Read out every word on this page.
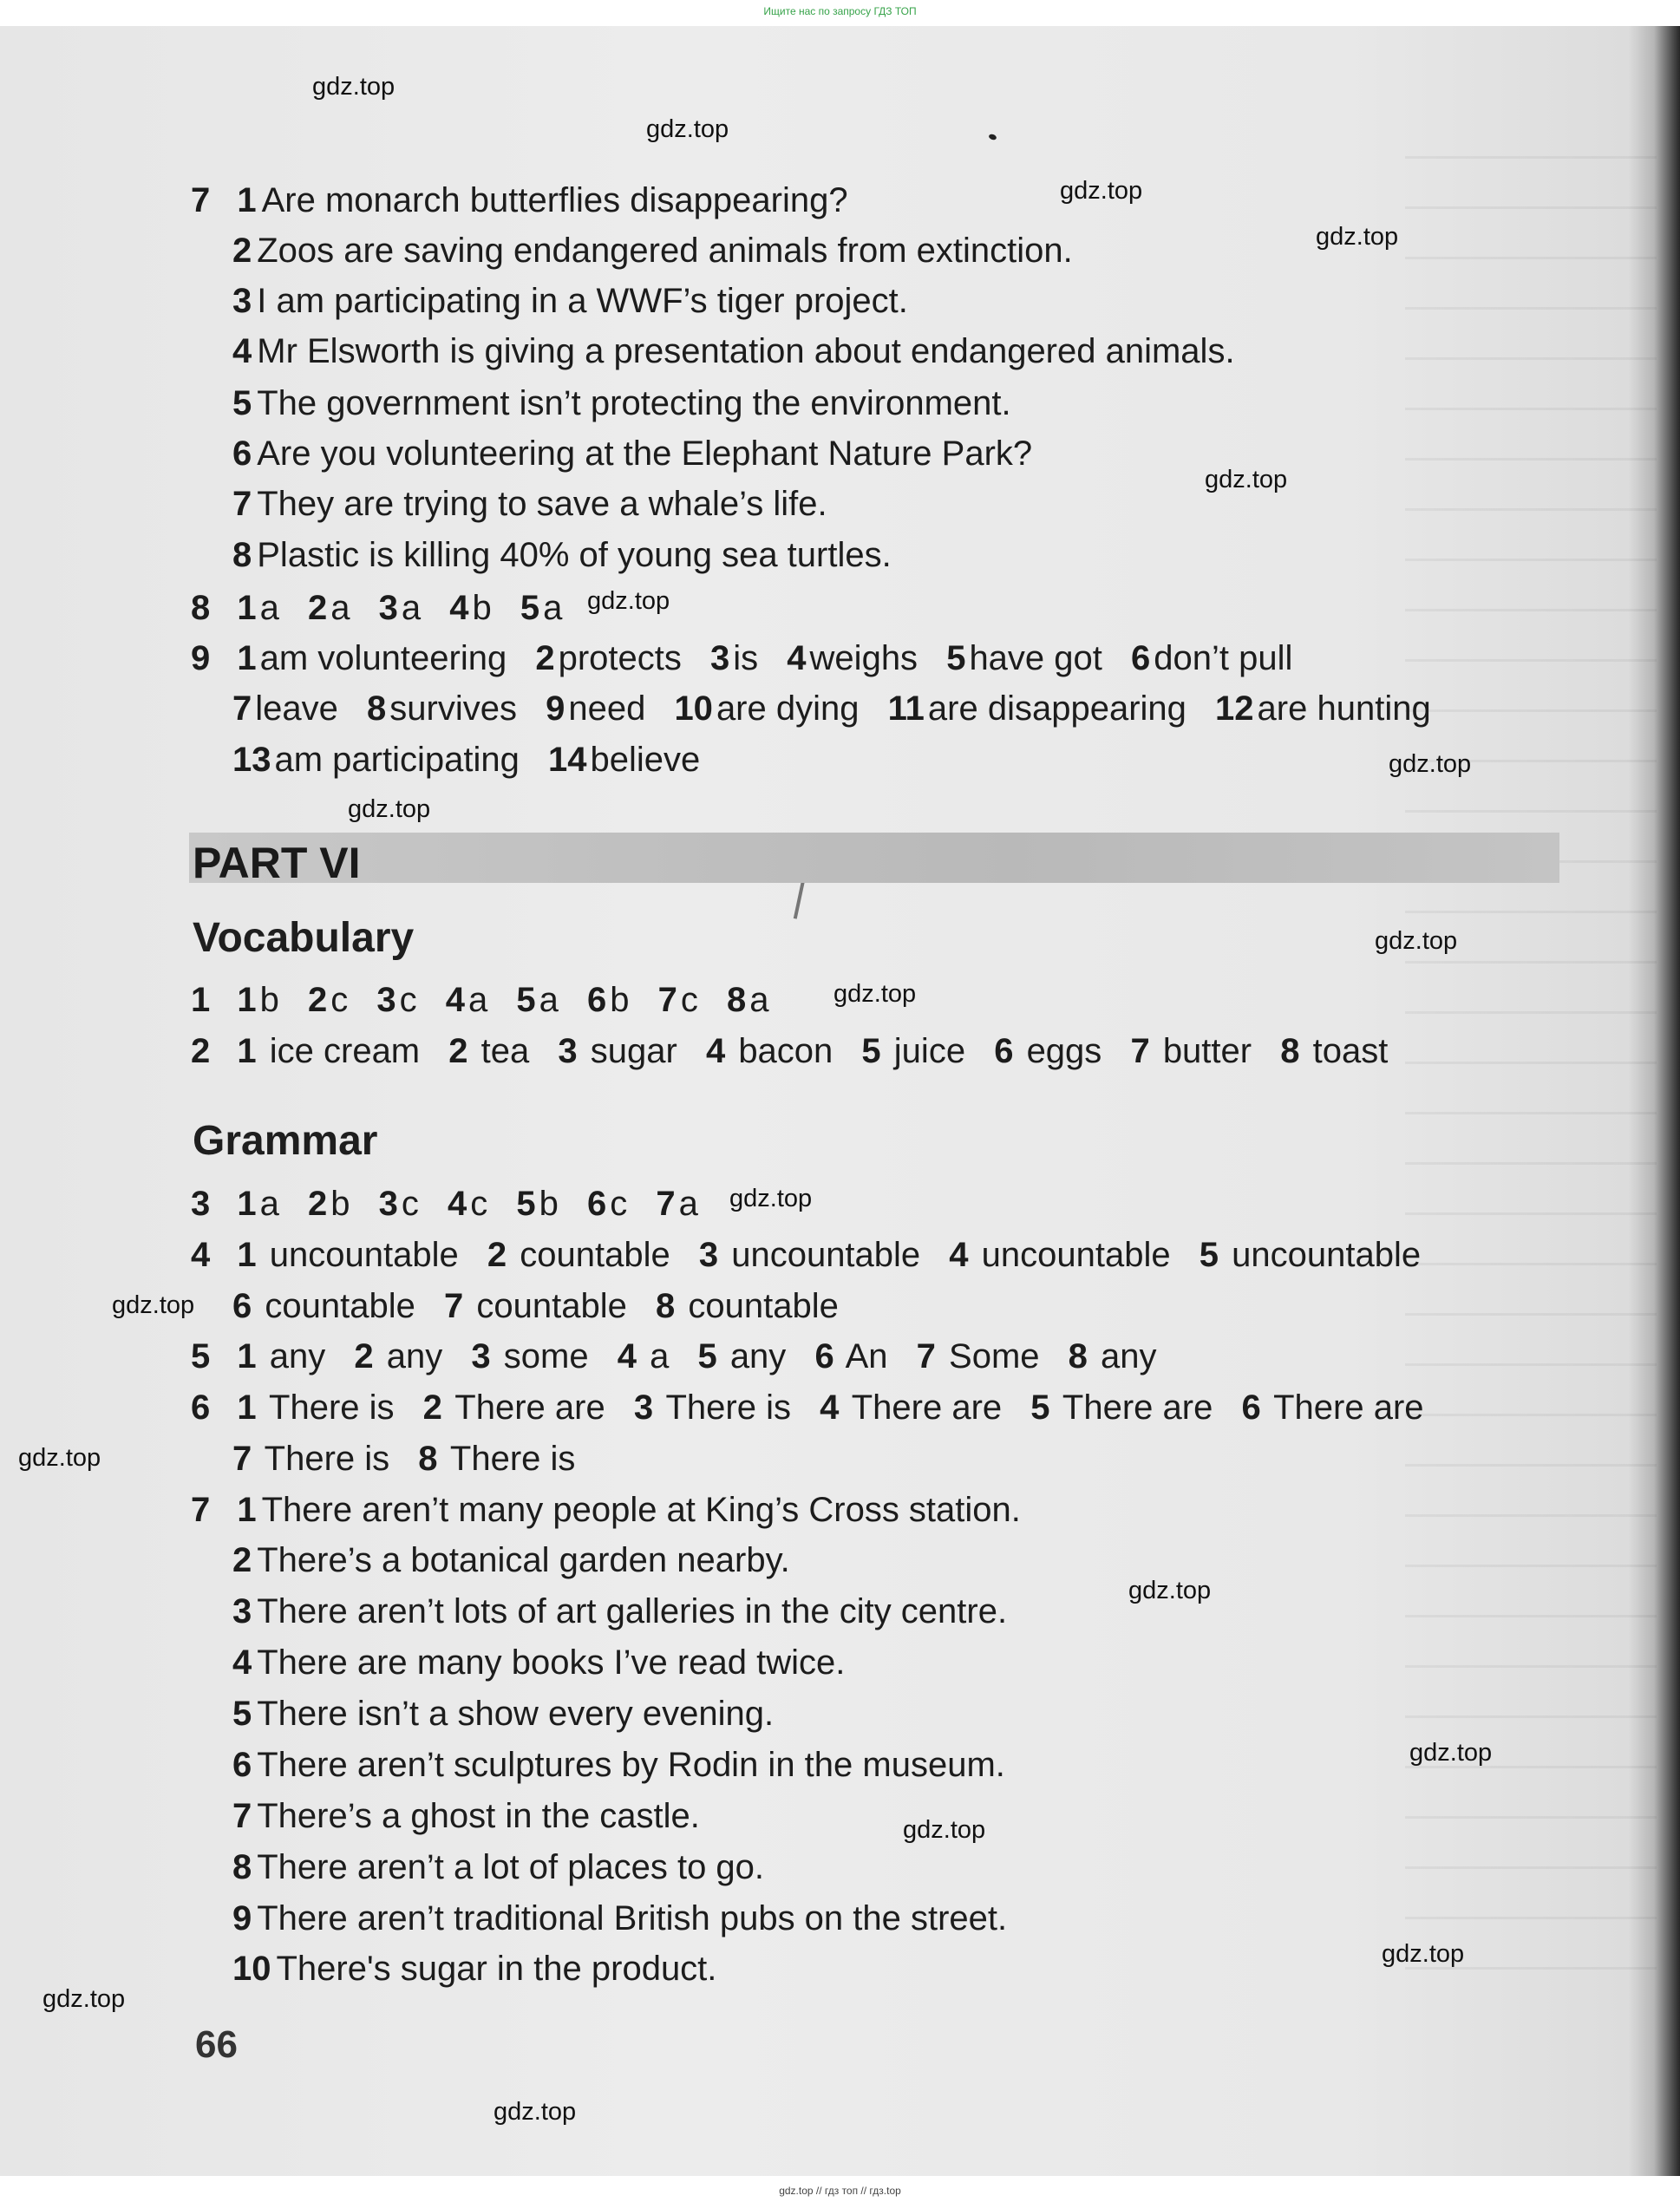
Ищите нас по запросу ГДЗ ТОП
gdz.top // гдз топ // гдз.top
7 1 Are monarch butterflies disappearing?
2 Zoos are saving endangered animals from extinction.
3 I am participating in a WWF’s tiger project.
4 Mr Elsworth is giving a presentation about endangered animals.
5 The government isn’t protecting the environment.
6 Are you volunteering at the Elephant Nature Park?
7 They are trying to save a whale’s life.
8 Plastic is killing 40% of young sea turtles.
8 1 a 2 a 3 a 4 b 5 a
9 1 am volunteering 2 protects 3 is 4 weighs 5 have got 6 don’t pull
7 leave 8 survives 9 need 10 are dying 11 are disappearing 12 are hunting
13 am participating 14 believe
PART VI
Vocabulary
1 1 b 2 c 3 c 4 a 5 a 6 b 7 c 8 a
2 1 ice cream 2 tea 3 sugar 4 bacon 5 juice 6 eggs 7 butter 8 toast
Grammar
3 1 a 2 b 3 c 4 c 5 b 6 c 7 a
4 1 uncountable 2 countable 3 uncountable 4 uncountable 5 uncountable
6 countable 7 countable 8 countable
5 1 any 2 any 3 some 4 a 5 any 6 An 7 Some 8 any
6 1 There is 2 There are 3 There is 4 There are 5 There are 6 There are
7 There is 8 There is
7 1 There aren’t many people at King’s Cross station.
2 There’s a botanical garden nearby.
3 There aren’t lots of art galleries in the city centre.
4 There are many books I’ve read twice.
5 There isn’t a show every evening.
6 There aren’t sculptures by Rodin in the museum.
7 There’s a ghost in the castle.
8 There aren’t a lot of places to go.
9 There aren’t traditional British pubs on the street.
10 There's sugar in the product.
66
gdz.top
gdz.top
gdz.top
gdz.top
gdz.top
gdz.top
gdz.top
gdz.top
gdz.top
gdz.top
gdz.top
gdz.top
gdz.top
gdz.top
gdz.top
gdz.top
gdz.top
gdz.top
gdz.top
